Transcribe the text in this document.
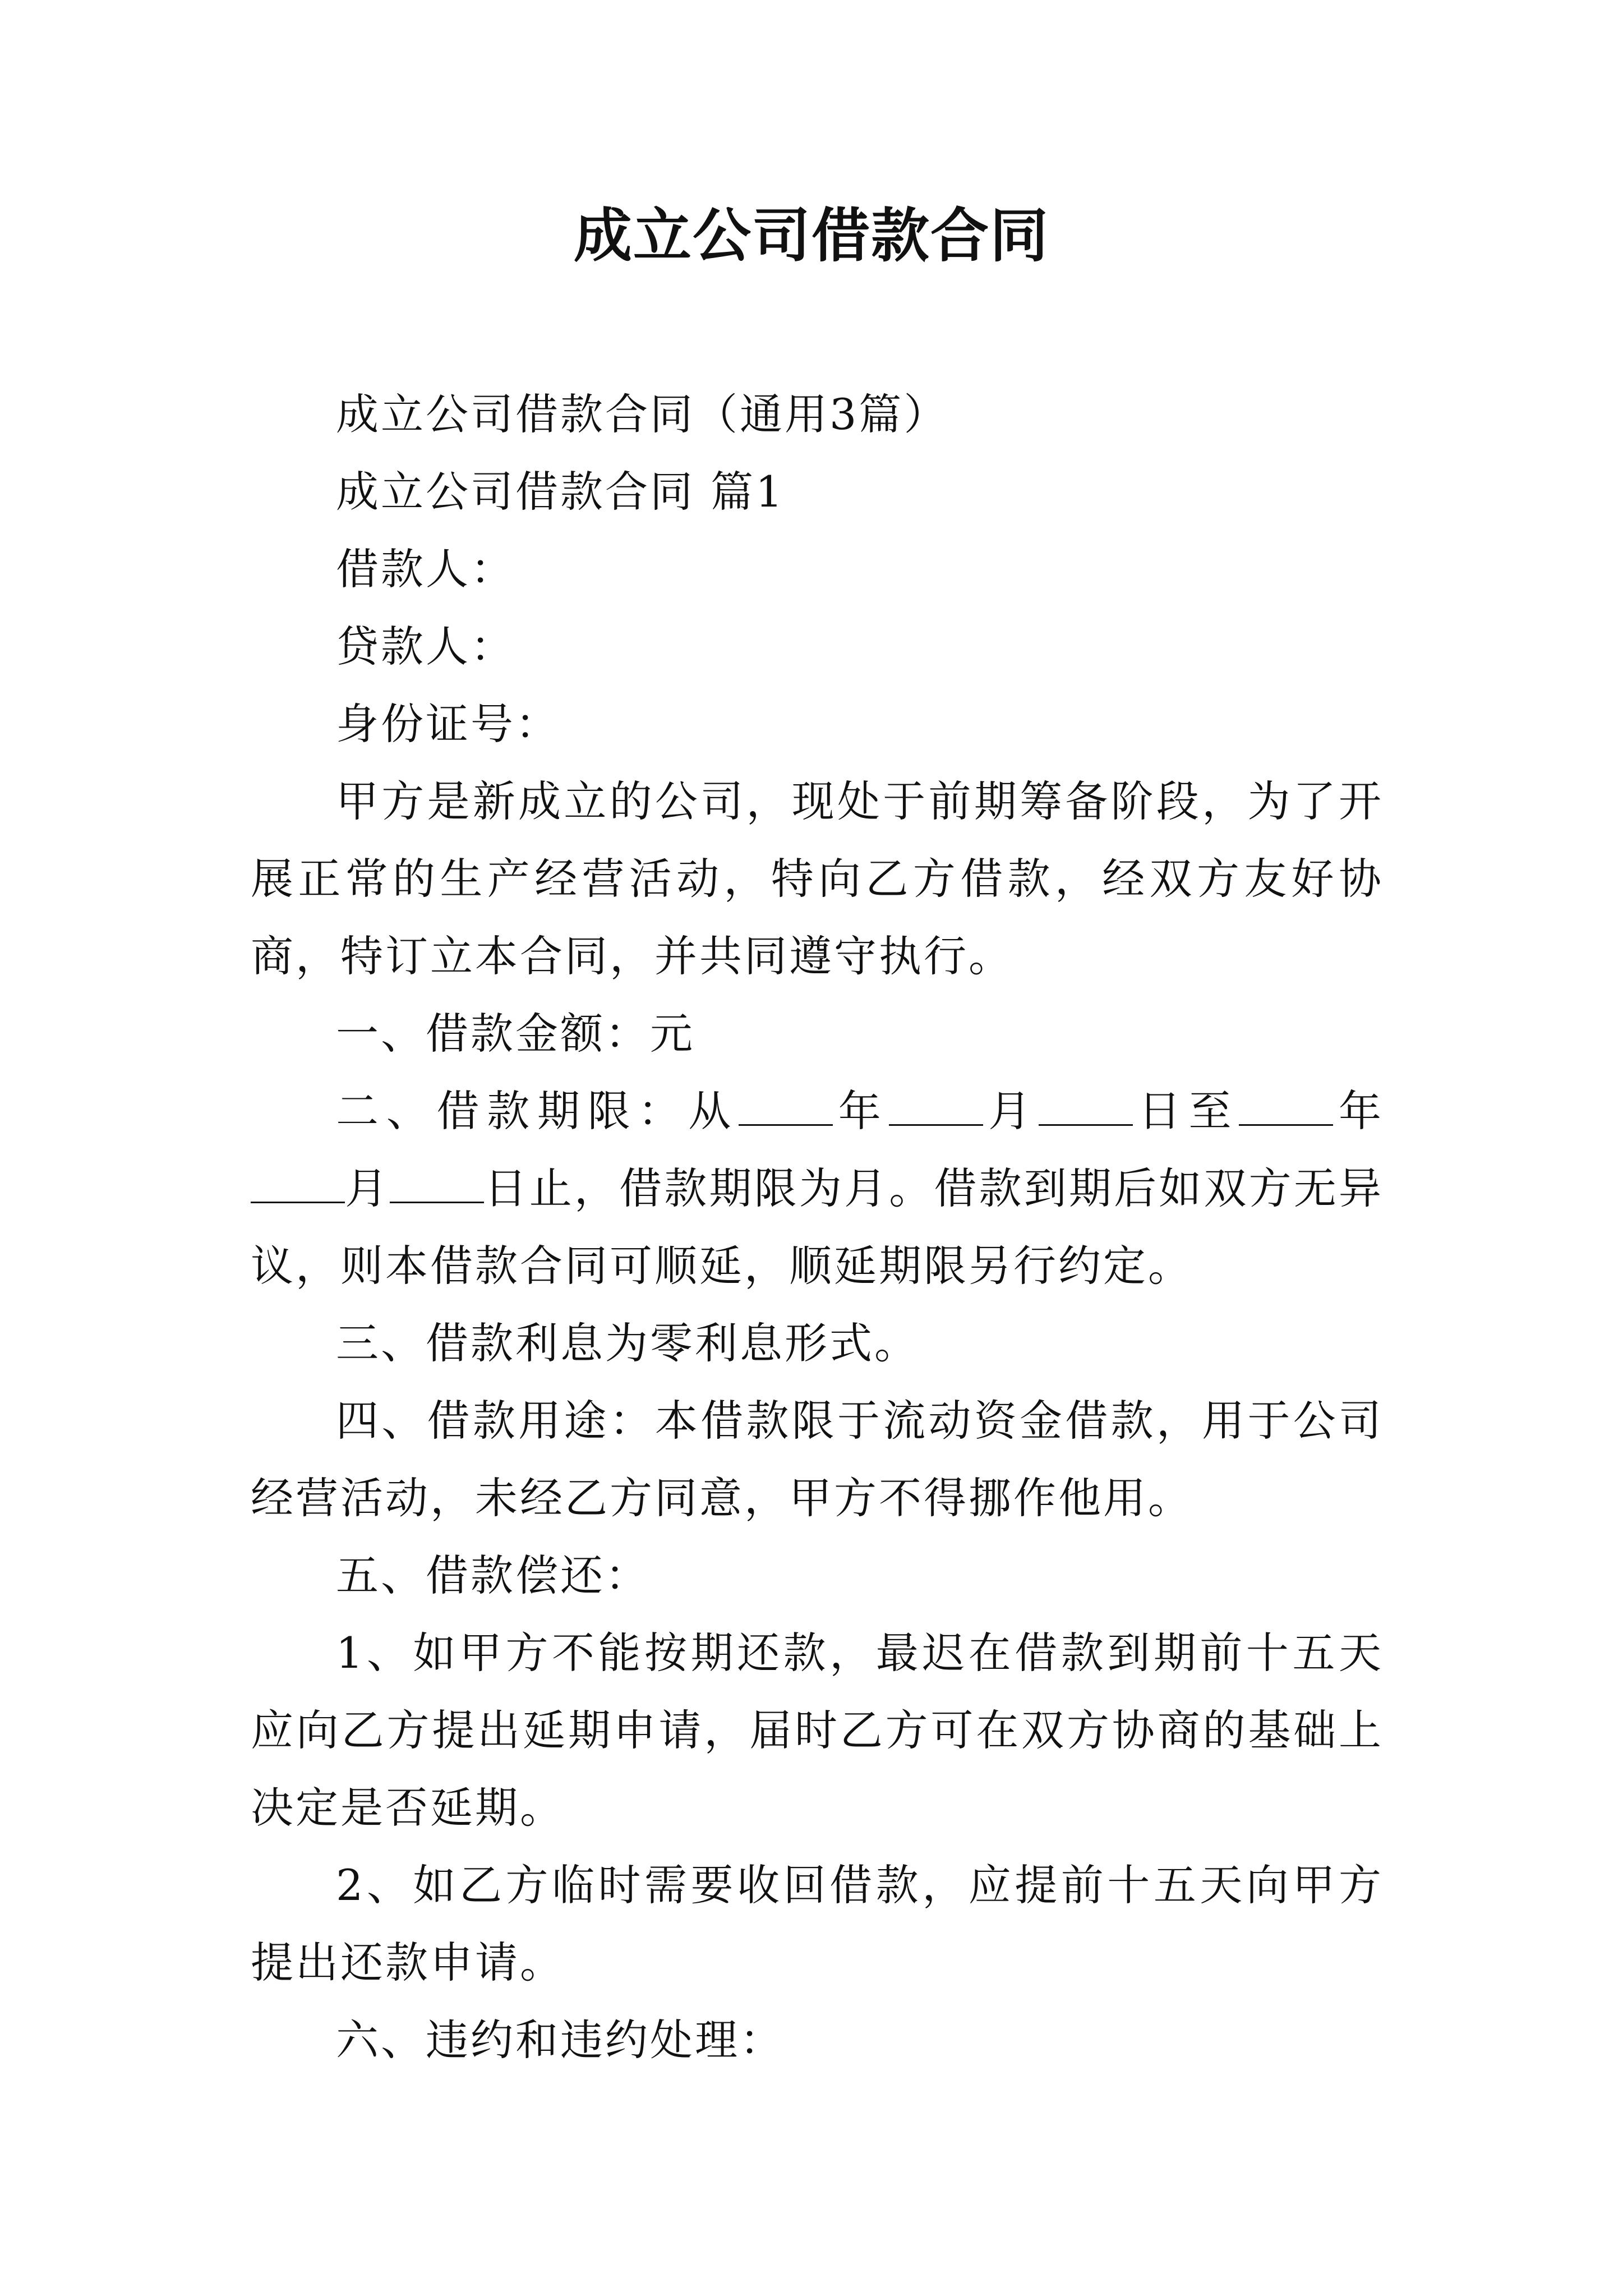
成立公司借款合同

成立公司借款合同（通用3篇）

成立公司借款合同 篇1

借款人：

贷款人：

身份证号：

甲方是新成立的公司，现处于前期筹备阶段，为了开展正常的生产经营活动，特向乙方借款，经双方友好协商，特订立本合同，并共同遵守执行。

一、借款金额：元

二、借款期限：从 年 月 日至 年月 日止，借款期限为月。借款到期后如双方无异议，则本借款合同可顺延，顺延期限另行约定。

三、借款利息为零利息形式。

四、借款用途：本借款限于流动资金借款，用于公司经营活动，未经乙方同意，甲方不得挪作他用。

五、借款偿还：

1、如甲方不能按期还款，最迟在借款到期前十五天应向乙方提出延期申请，届时乙方可在双方协商的基础上决定是否延期。

2、如乙方临时需要收回借款，应提前十五天向甲方提出还款申请。

六、违约和违约处理：
